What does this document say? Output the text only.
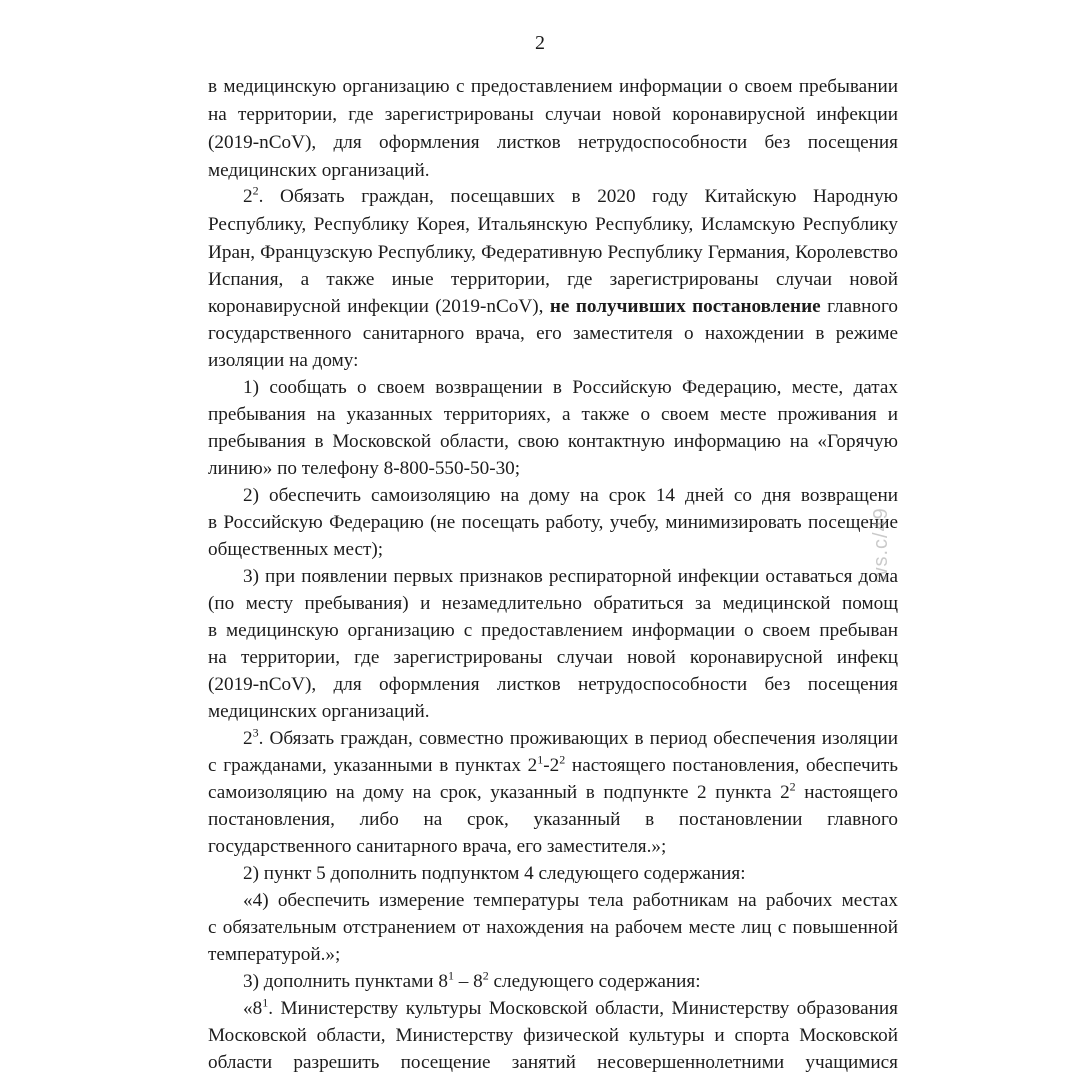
2
в медицинскую организацию с предоставлением информации о своем пребывании
на территории, где зарегистрированы случаи новой коронавирусной инфекции
(2019-nCoV), для оформления листков нетрудоспособности без посещения
медицинских организаций.
$2^2$. Обязать граждан, посещавших в 2020 году Китайскую Народную
Республику, Республику Корея, Итальянскую Республику, Исламскую Республику
Иран, Французскую Республику, Федеративную Республику Германия, Королевство
Испания, а также иные территории, где зарегистрированы случаи новой
коронавирусной инфекции (2019-nCoV), не получивших постановление главного
государственного санитарного врача, его заместителя о нахождении в режиме
изоляции на дому:
1) сообщать о своем возвращении в Российскую Федерацию, месте, датах
пребывания на указанных территориях, а также о своем месте проживания и
пребывания в Московской области, свою контактную информацию на «Горячую
линию» по телефону 8-800-550-50-30;
2) обеспечить самоизоляцию на дому на срок 14 дней со дня возвращени
в Российскую Федерацию (не посещать работу, учебу, минимизировать посещение
общественных мест);
3) при появлении первых признаков респираторной инфекции оставаться дома
(по месту пребывания) и незамедлительно обратиться за медицинской помощ
в медицинскую организацию с предоставлением информации о своем пребыван
на территории, где зарегистрированы случаи новой коронавирусной инфекц
(2019-nCoV), для оформления листков нетрудоспособности без посещения
медицинских организаций.
$2^3$. Обязать граждан, совместно проживающих в период обеспечения изоляции
с гражданами, указанными в пунктах $2^1-2^2$ настоящего постановления, обеспечить
самоизоляцию на дому на срок, указанный в подпункте 2 пункта $2^2$ настоящего
постановления, либо на срок, указанный в постановлении главного
государственного санитарного врача, его заместителя.»;
2) пункт 5 дополнить подпунктом 4 следующего содержания:
«4) обеспечить измерение температуры тела работникам на рабочих местах
с обязательным отстранением от нахождения на рабочем месте лиц с повышенной
температурой.»;
3) дополнить пунктами $8^1 - 8^2$ следующего содержания:
«$8^1$. Министерству культуры Московской области, Министерству образования
Московской области, Министерству физической культуры и спорта Московской
области разрешить посещение занятий несовершеннолетними учащимися
ws.c/49
